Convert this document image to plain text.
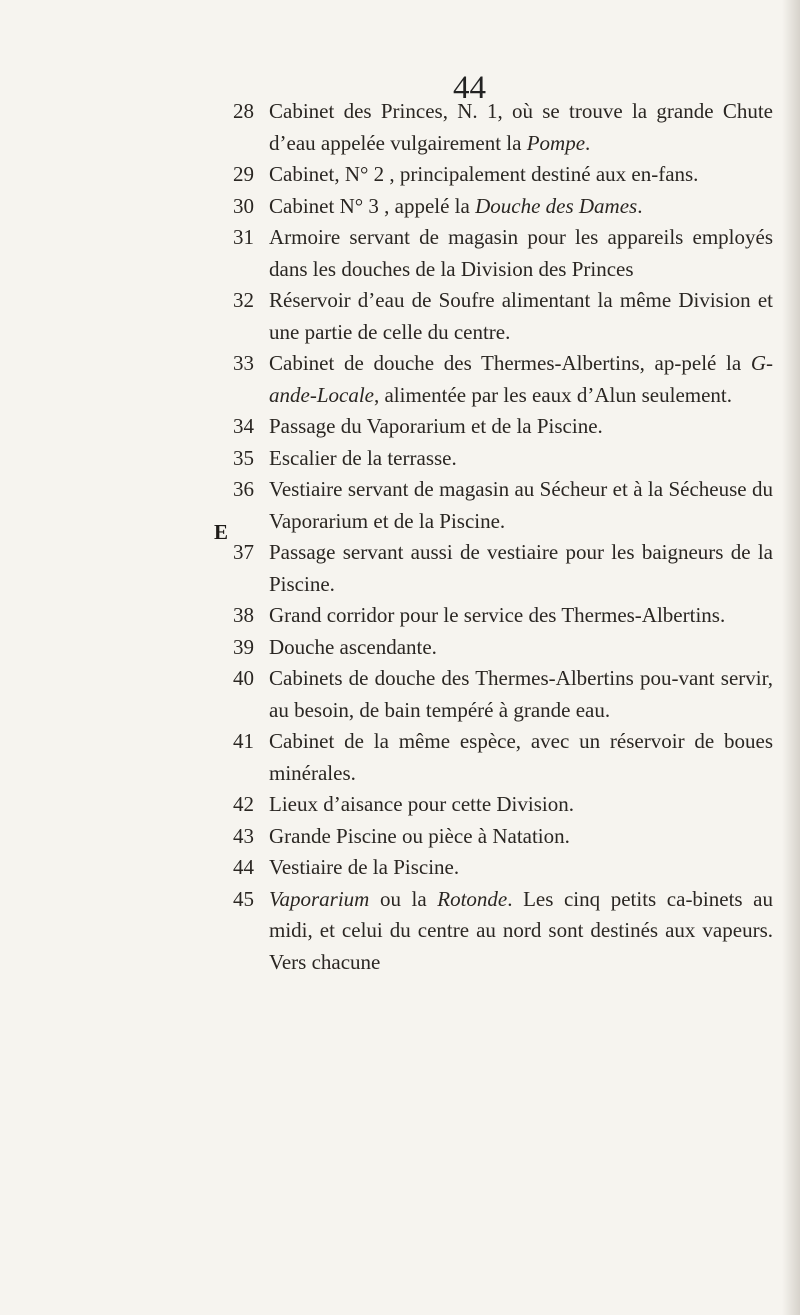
44
E
28 Cabinet des Princes, N. 1, où se trouve la grande Chute d’eau appelée vulgairement la Pompe.
29 Cabinet, N° 2 , principalement destiné aux en-fans.
30 Cabinet N° 3 , appelé la Douche des Dames.
31 Armoire servant de magasin pour les appareils employés dans les douches de la Division des Princes
32 Réservoir d’eau de Soufre alimentant la même Division et une partie de celle du centre.
33 Cabinet de douche des Thermes-Albertins, ap-pelé la G-ande-Locale, alimentée par les eaux d’Alun seulement.
34 Passage du Vaporarium et de la Piscine.
35 Escalier de la terrasse.
36 Vestiaire servant de magasin au Sécheur et à la Sécheuse du Vaporarium et de la Piscine.
37 Passage servant aussi de vestiaire pour les baigneurs de la Piscine.
38 Grand corridor pour le service des Thermes-Albertins.
39 Douche ascendante.
40 Cabinets de douche des Thermes-Albertins pou-vant servir, au besoin, de bain tempéré à grande eau.
41 Cabinet de la même espèce, avec un réservoir de boues minérales.
42 Lieux d’aisance pour cette Division.
43 Grande Piscine ou pièce à Natation.
44 Vestiaire de la Piscine.
45 Vaporarium ou la Rotonde. Les cinq petits ca-binets au midi, et celui du centre au nord sont destinés aux vapeurs. Vers chacune
